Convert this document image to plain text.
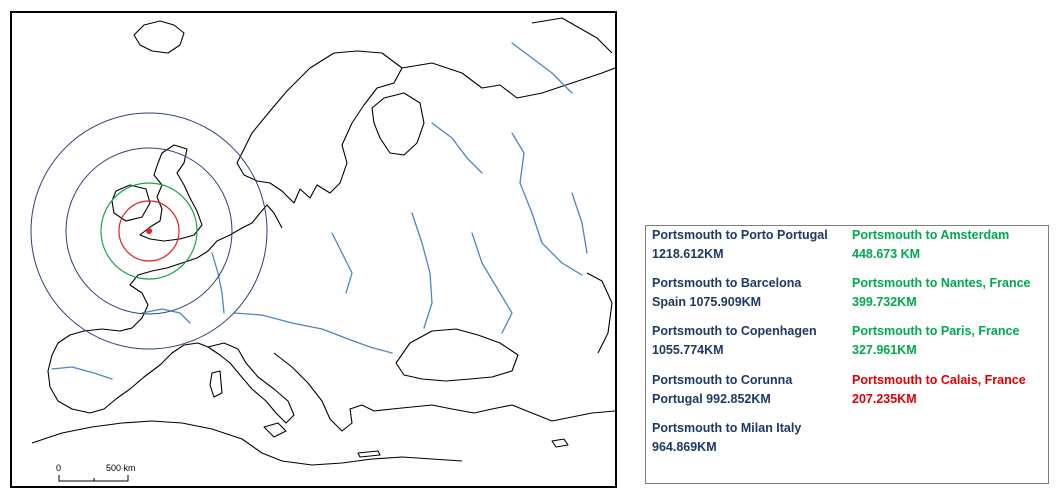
0	500 km
Portsmouth to Porto Portugal
1218.612KM
Portsmouth to Barcelona
Spain 1075.909KM
Portsmouth to Copenhagen
1055.774KM
Portsmouth to Corunna
Portugal 992.852KM
Portsmouth to Milan Italy
964.869KM
Portsmouth to Amsterdam
448.673 KM
Portsmouth to Nantes, France
399.732KM
Portsmouth to Paris, France
327.961KM
Portsmouth to Calais, France
207.235KM
